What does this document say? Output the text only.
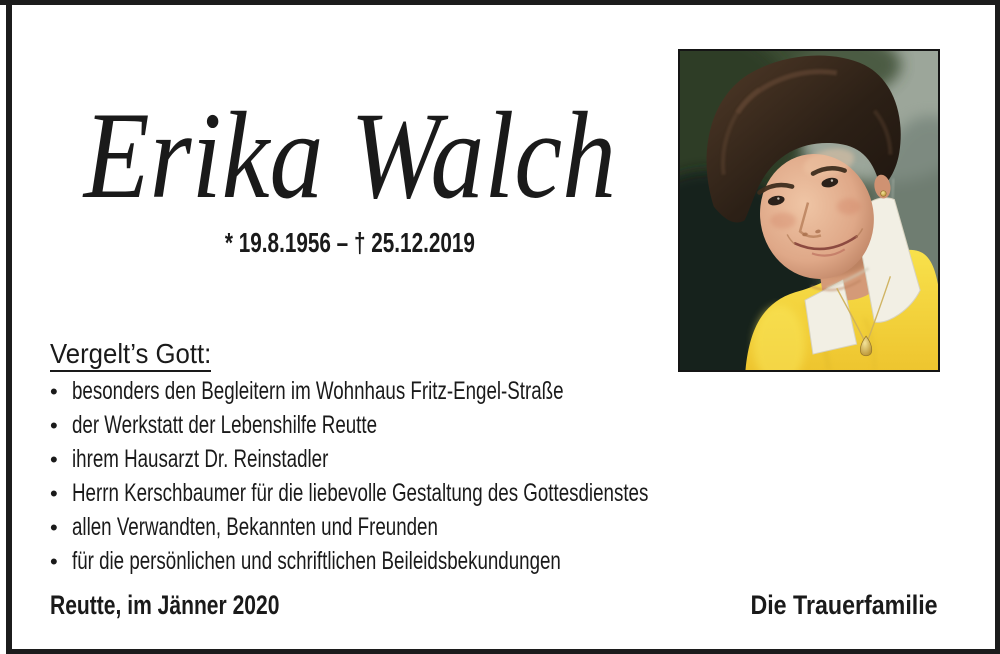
Erika Walch
* 19.8.1956 – † 25.12.2019
Vergelt’s Gott:
• besonders den Begleitern im Wohnhaus Fritz-Engel-Straße
• der Werkstatt der Lebenshilfe Reutte
• ihrem Hausarzt Dr. Reinstadler
• Herrn Kerschbaumer für die liebevolle Gestaltung des Gottesdienstes
• allen Verwandten, Bekannten und Freunden
• für die persönlichen und schriftlichen Beileidsbekundungen
Reutte, im Jänner 2020	Die Trauerfamilie
